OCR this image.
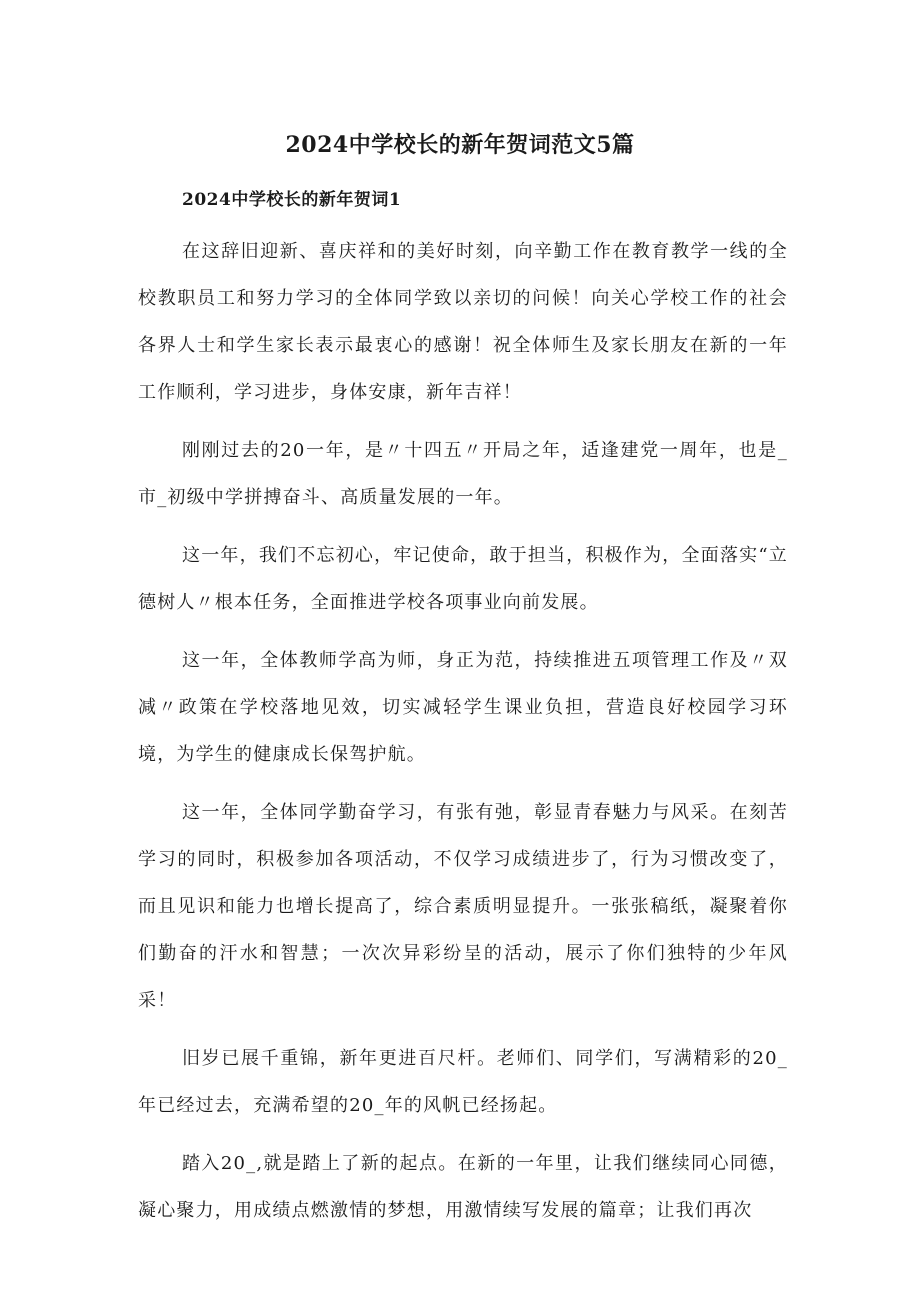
2024中学校长的新年贺词范文5篇
2024中学校长的新年贺词1

在这辞旧迎新、喜庆祥和的美好时刻，向辛勤工作在教育教学一线的全校教职员工和努力学习的全体同学致以亲切的问候！向关心学校工作的社会各界人士和学生家长表示最衷心的感谢！祝全体师生及家长朋友在新的一年工作顺利，学习进步，身体安康，新年吉祥！

刚刚过去的20一年，是〃十四五〃开局之年，适逢建党一周年，也是_市_初级中学拼搏奋斗、高质量发展的一年。

这一年，我们不忘初心，牢记使命，敢于担当，积极作为，全面落实“立德树人〃根本任务，全面推进学校各项事业向前发展。

这一年，全体教师学高为师，身正为范，持续推进五项管理工作及〃双减〃政策在学校落地见效，切实减轻学生课业负担，营造良好校园学习环境，为学生的健康成长保驾护航。

这一年，全体同学勤奋学习，有张有弛，彰显青春魅力与风采。在刻苦学习的同时，积极参加各项活动，不仅学习成绩进步了，行为习惯改变了，而且见识和能力也增长提高了，综合素质明显提升。一张张稿纸，凝聚着你们勤奋的汗水和智慧；一次次异彩纷呈的活动，展示了你们独特的少年风采！

旧岁已展千重锦，新年更进百尺杆。老师们、同学们，写满精彩的20_年已经过去，充满希望的20_年的风帆已经扬起。

踏入20_,就是踏上了新的起点。在新的一年里，让我们继续同心同德，凝心聚力，用成绩点燃激情的梦想，用激情续写发展的篇章；让我们再次
